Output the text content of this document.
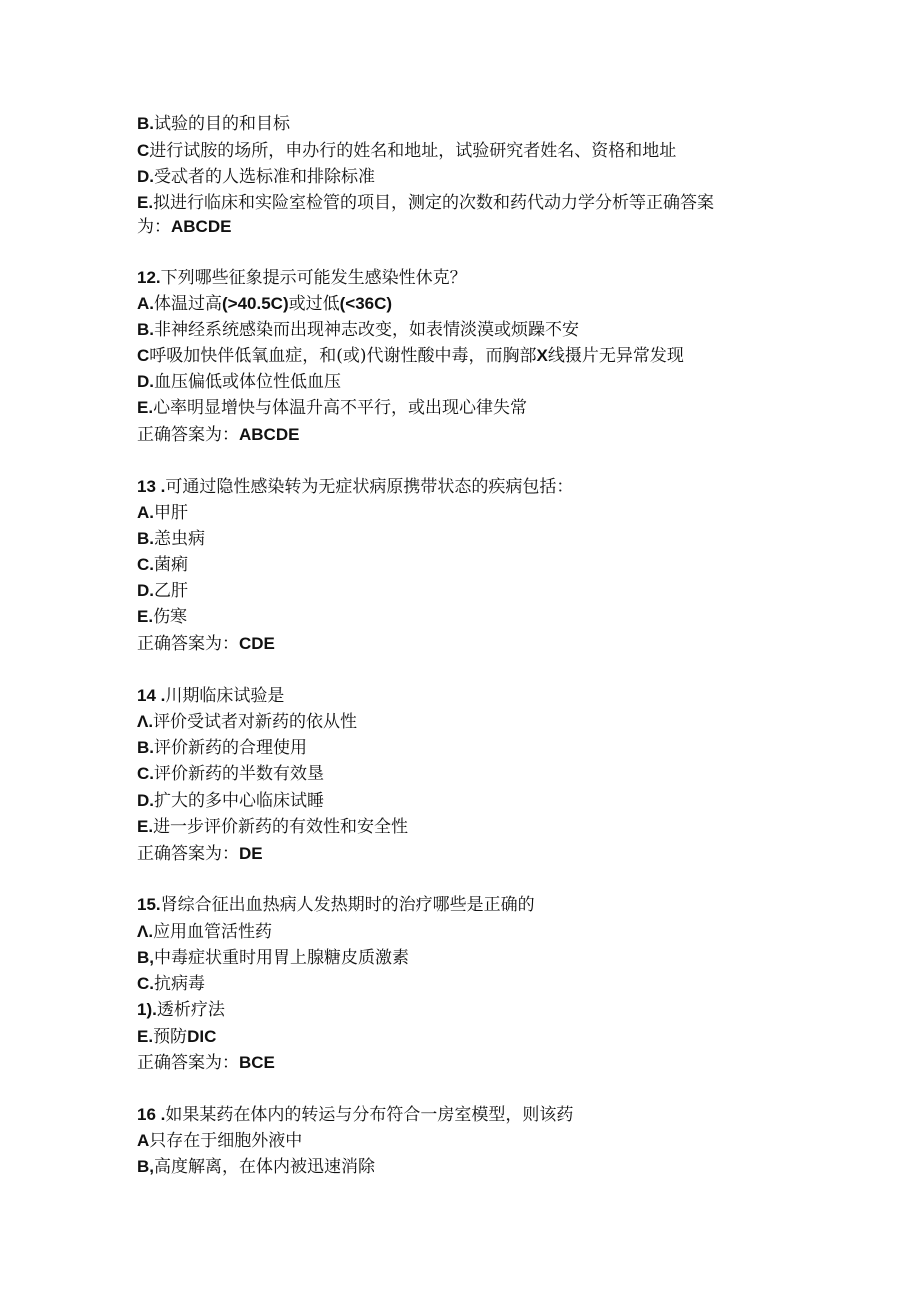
B.试验的目的和目标
C进行试胺的场所，申办行的姓名和地址，试验研究者姓名、资格和地址
D.受忒者的人选标准和排除标准
E.拟进行临床和实险室检管的项目，测定的次数和药代动力学分析等正确答案
为：ABCDE
12.下列哪些征象提示可能发生感染性休克？
A.体温过高(>40.5C)或过低(<36C)
B.非神经系统感染而出现神志改变，如表情淡漠或烦躁不安
C呼吸加快伴低氧血症，和(或)代谢性酸中毒，而胸部X线摄片无异常发现
D.血压偏低或体位性低血压
E.心率明显增快与体温升高不平行，或出现心律失常
正确答案为：ABCDE
13 .可通过隐性感染转为无症状病原携带状态的疾病包括：
A.甲肝
B.恙虫病
C.菌痢
D.乙肝
E.伤寒
正确答案为：CDE
14 .川期临床试验是
Λ.评价受试者对新药的依从性
B.评价新药的合理使用
C.评价新药的半数有效垦
D.扩大的多中心临床试睡
E.进一步评价新药的有效性和安全性
正确答案为：DE
15.肾综合征出血热病人发热期时的治疗哪些是正确的
Λ.应用血管活性药
B,中毒症状重时用胃上腺糖皮质激素
C.抗病毒
1).透析疗法
E.预防DIC
正确答案为：BCE
16 .如果某药在体内的转运与分布符合一房室模型，则该药
A只存在于细胞外液中
B,高度解离，在体内被迅速消除
